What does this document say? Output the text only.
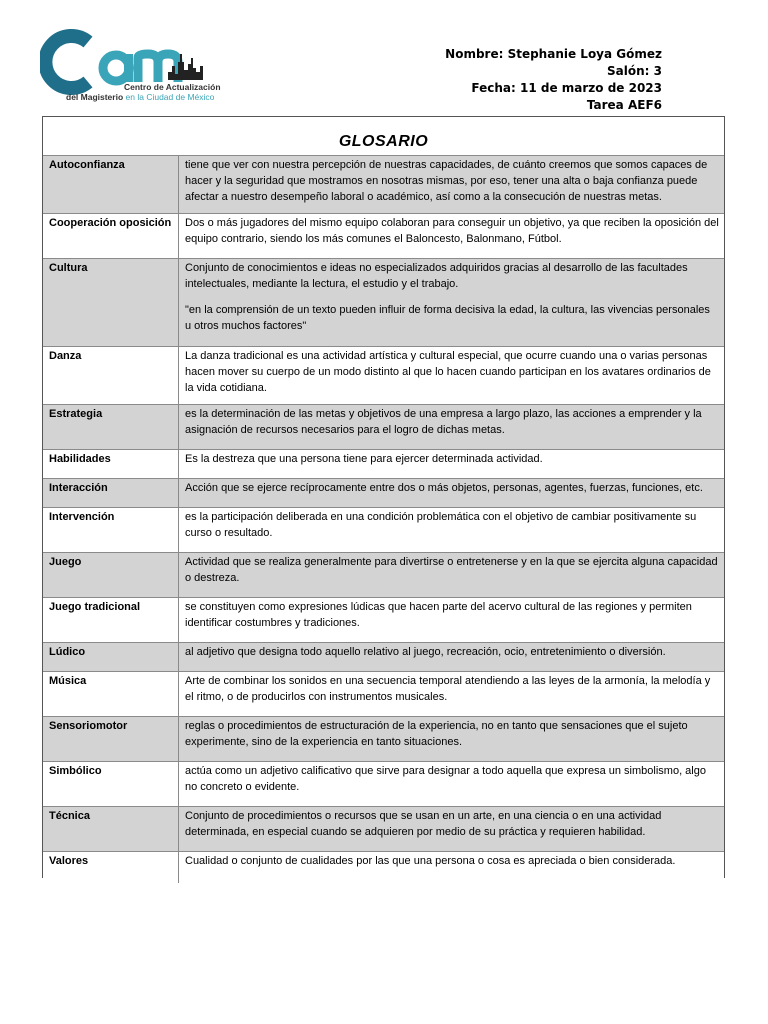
Centro de Actualización
del Magisterio en la Ciudad de México
Nombre: Stephanie Loya Gómez
Salón: 3
Fecha: 11 de marzo de 2023
Tarea AEF6
GLOSARIO
Autoconfianza	tiene que ver con nuestra percepción de nuestras capacidades, de cuánto creemos que somos capaces de hacer y la seguridad que mostramos en nosotras mismas, por eso, tener una alta o baja confianza puede afectar a nuestro desempeño laboral o académico, así como a la consecución de nuestras metas.
Cooperación oposición	Dos o más jugadores del mismo equipo colaboran para conseguir un objetivo, ya que reciben la oposición del equipo contrario, siendo los más comunes el Baloncesto, Balonmano, Fútbol.
Cultura	Conjunto de conocimientos e ideas no especializados adquiridos gracias al desarrollo de las facultades intelectuales, mediante la lectura, el estudio y el trabajo.
"en la comprensión de un texto pueden influir de forma decisiva la edad, la cultura, las vivencias personales u otros muchos factores"

Danza	La danza tradicional es una actividad artística y cultural especial, que ocurre cuando una o varias personas hacen mover su cuerpo de un modo distinto al que lo hacen cuando participan en los avatares ordinarios de la vida cotidiana.
Estrategia	es la determinación de las metas y objetivos de una empresa a largo plazo, las acciones a emprender y la asignación de recursos necesarios para el logro de dichas metas.
Habilidades	Es la destreza que una persona tiene para ejercer determinada actividad.
Interacción	Acción que se ejerce recíprocamente entre dos o más objetos, personas, agentes, fuerzas, funciones, etc.
Intervención	es la participación deliberada en una condición problemática con el objetivo de cambiar positivamente su curso o resultado.
Juego	Actividad que se realiza generalmente para divertirse o entretenerse y en la que se ejercita alguna capacidad o destreza.
Juego tradicional	se constituyen como expresiones lúdicas que hacen parte del acervo cultural de las regiones y permiten identificar costumbres y tradiciones.
Lúdico	al adjetivo que designa todo aquello relativo al juego, recreación, ocio, entretenimiento o diversión.
Música	Arte de combinar los sonidos en una secuencia temporal atendiendo a las leyes de la armonía, la melodía y el ritmo, o de producirlos con instrumentos musicales.
Sensoriomotor	reglas o procedimientos de estructuración de la experiencia, no en tanto que sensaciones que el sujeto experimente, sino de la experiencia en tanto situaciones.
Simbólico	actúa como un adjetivo calificativo que sirve para designar a todo aquella que expresa un simbolismo, algo no concreto o evidente.
Técnica	Conjunto de procedimientos o recursos que se usan en un arte, en una ciencia o en una actividad determinada, en especial cuando se adquieren por medio de su práctica y requieren habilidad.
Valores	Cualidad o conjunto de cualidades por las que una persona o cosa es apreciada o bien considerada.
